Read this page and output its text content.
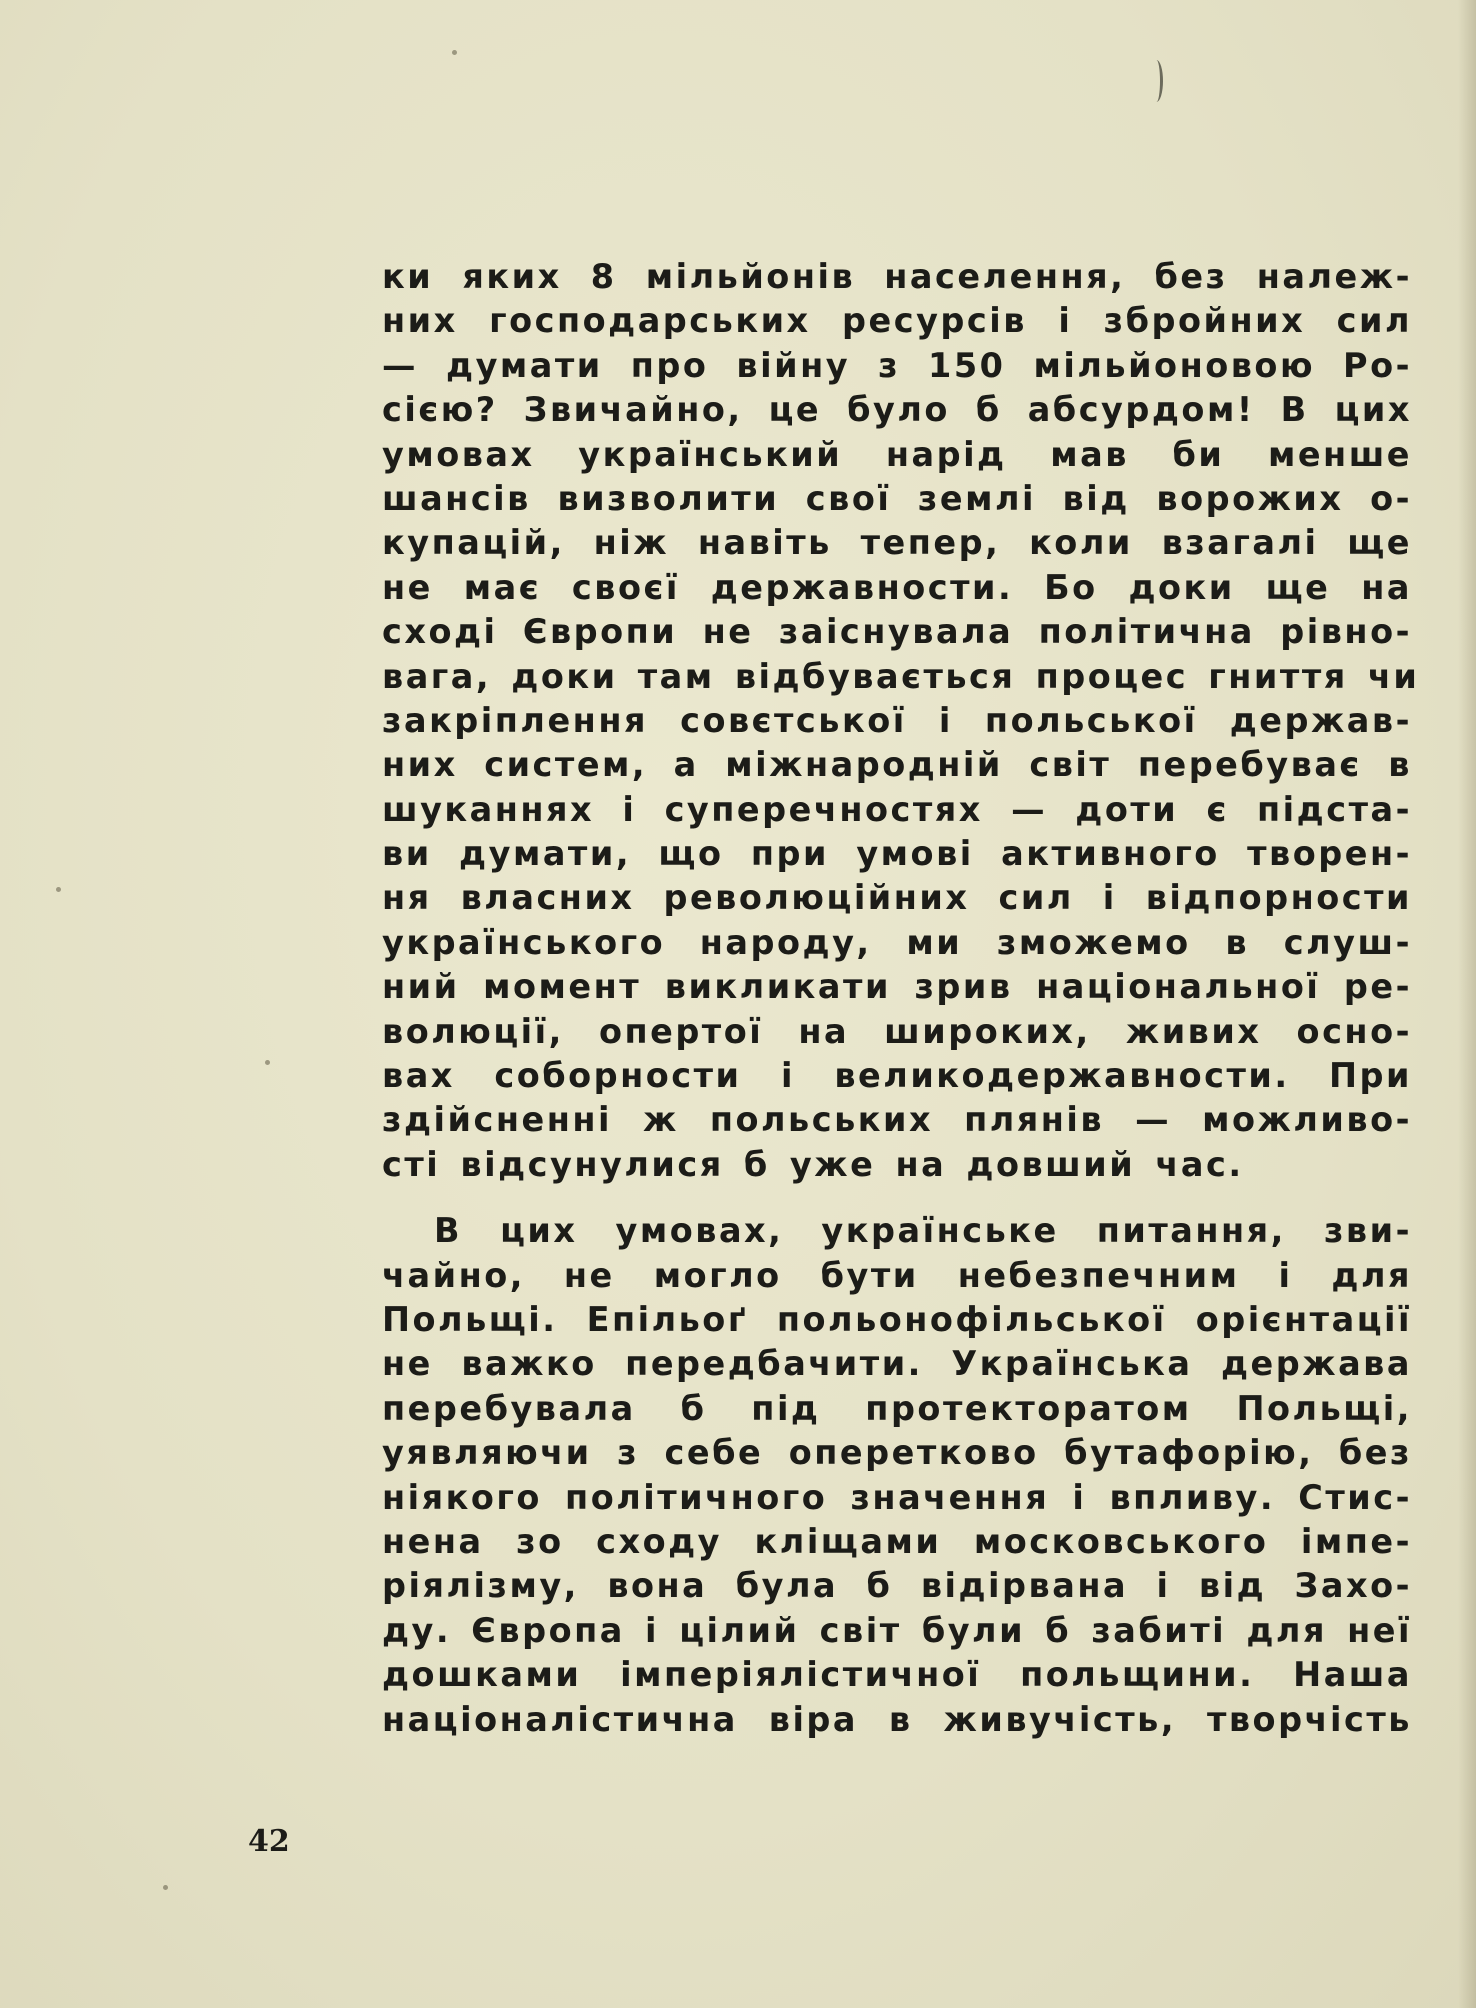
ки яких 8 мільйонів населення, без належ-
них господарських ресурсів і збройних сил
— думати про війну з 150 мільйоновою Ро-
сією? Звичайно, це було б абсурдом! В цих
умовах український нарід мав би менше
шансів визволити свої землі від ворожих о-
купацій, ніж навіть тепер, коли взагалі ще
не має своєї державности. Бо доки ще на
сході Європи не заіснувала політична рівно-
вага, доки там відбувається процес гниття чи
закріплення совєтської і польської держав-
них систем, а міжнародній світ перебуває в
шуканнях і суперечностях — доти є підста-
ви думати, що при умові активного творен-
ня власних революційних сил і відпорности
українського народу, ми зможемо в слуш-
ний момент викликати зрив національної ре-
волюції, опертої на широких, живих осно-
вах соборности і великодержавности. При
здійсненні ж польських плянів — можливо-
сті відсунулися б уже на довший час.
В цих умовах, українське питання, зви-
чайно, не могло бути небезпечним і для
Польщі. Епільоґ польонофільської орієнтації
не важко передбачити. Українська держава
перебувала б під протекторатом Польщі,
уявляючи з себе оперетково бутафорію, без
ніякого політичного значення і впливу. Стис-
нена зо сходу кліщами московського імпе-
ріялізму, вона була б відірвана і від Захо-
ду. Європа і цілий світ були б забиті для неї
дошками імперіялістичної польщини. Наша
націоналістична віра в живучість, творчість
42
